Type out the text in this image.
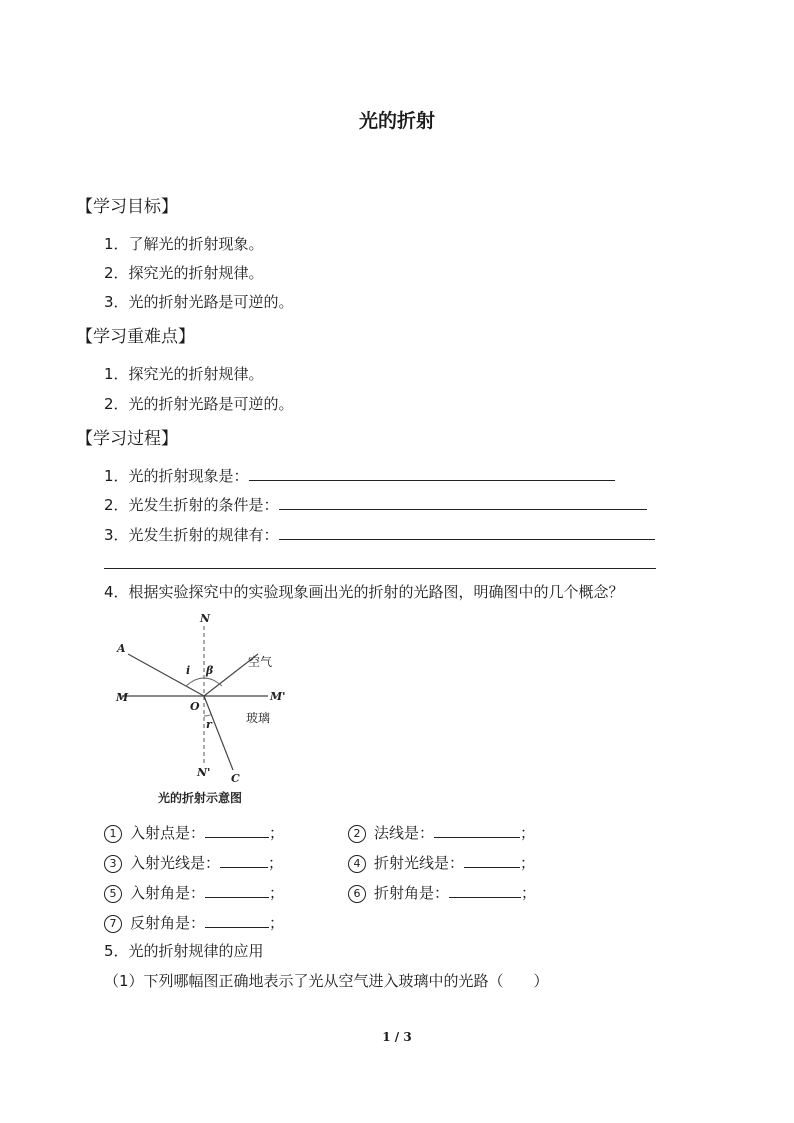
光的折射
【学习目标】
1．了解光的折射现象。
2．探究光的折射规律。
3．光的折射光路是可逆的。
【学习重难点】
1．探究光的折射规律。
2．光的折射光路是可逆的。
【学习过程】
1．光的折射现象是：
2．光发生折射的条件是：
3．光发生折射的规律有：
4．根据实验探究中的实验现象画出光的折射的光路图，明确图中的几个概念？
N
A
i β
空气
M	M'
O
玻璃
r
N' C
光的折射示意图
1 入射点是：	；	2 法线是：	；
3 入射光线是：	；	4 折射光线是：	；
5 入射角是：	；	6 折射角是：	；
7 反射角是：	；
5．光的折射规律的应用
（1）下列哪幅图正确地表示了光从空气进入玻璃中的光路（　　）
1 / 3
